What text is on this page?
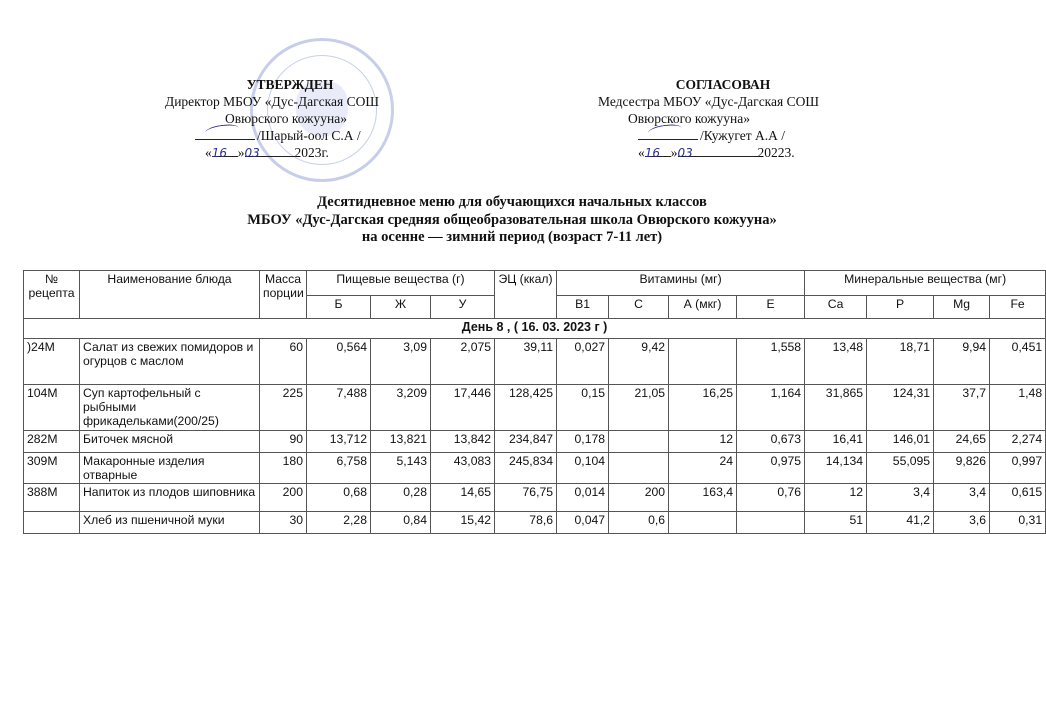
УТВЕРЖДЕН
Директор МБОУ «Дус-Дагская СОШ
Овюрского кожууна»
/Шарый-оол С.А /
«16 »03	2023г.
СОГЛАСОВАН
Медсестра МБОУ «Дус-Дагская СОШ
Овюрского кожууна»
/Кужугет А.А /
«16 »03	20223.
Десятидневное меню для обучающихся начальных классов
МБОУ «Дус-Дагская средняя общеобразовательная школа Овюрского кожууна»
на осенне — зимний период (возраст 7-11 лет)
№ рецепта	Наименование блюда	Масса порции	Пищевые вещества (г)			ЭЦ (ккал)	Витамины (мг)				Минеральные вещества (мг)			
			Б	Ж	У		В1	С	А (мкг)	Е	Са	Р	Mg	Fe
День 8 , ( 16. 03. 2023 г )														
)24М	Салат из свежих помидоров и огурцов с маслом	60	0,564	3,09	2,075	39,11	0,027	9,42		1,558	13,48	18,71	9,94	0,451
104М	Суп картофельный с рыбными фрикадельками(200/25)	225	7,488	3,209	17,446	128,425	0,15	21,05	16,25	1,164	31,865	124,31	37,7	1,48
282М	Биточек мясной	90	13,712	13,821	13,842	234,847	0,178		12	0,673	16,41	146,01	24,65	2,274
309М	Макаронные изделия отварные	180	6,758	5,143	43,083	245,834	0,104		24	0,975	14,134	55,095	9,826	0,997
388М	Напиток из плодов шиповника	200	0,68	0,28	14,65	76,75	0,014	200	163,4	0,76	12	3,4	3,4	0,615
	Хлеб из пшеничной муки	30	2,28	0,84	15,42	78,6	0,047	0,6			51	41,2	3,6	0,31
